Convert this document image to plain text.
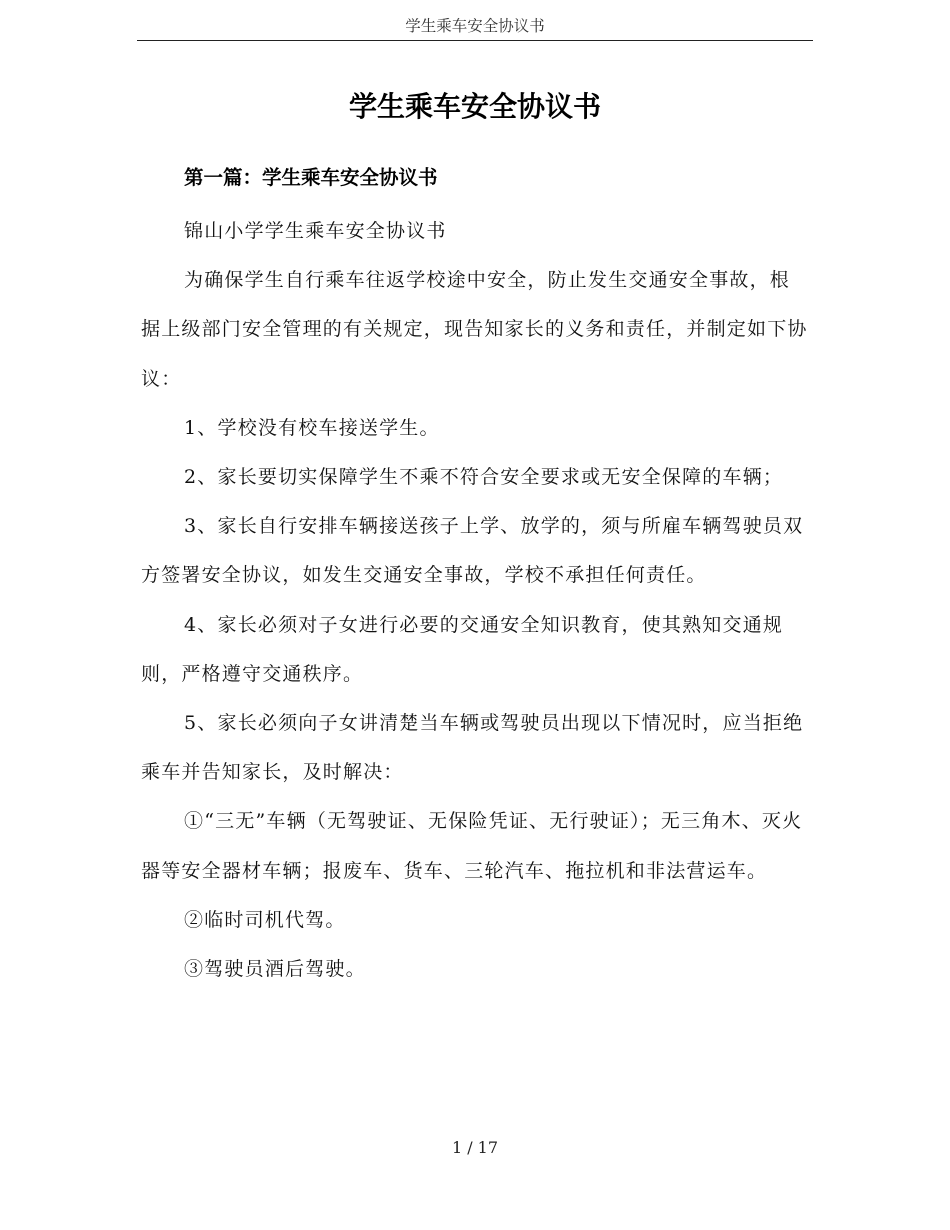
学生乘车安全协议书
学生乘车安全协议书
第一篇：学生乘车安全协议书

锦山小学学生乘车安全协议书

为确保学生自行乘车往返学校途中安全，防止发生交通安全事故，根据上级部门安全管理的有关规定，现告知家长的义务和责任，并制定如下协议：

1、学校没有校车接送学生。

2、家长要切实保障学生不乘不符合安全要求或无安全保障的车辆；

3、家长自行安排车辆接送孩子上学、放学的，须与所雇车辆驾驶员双方签署安全协议，如发生交通安全事故，学校不承担任何责任。

4、家长必须对子女进行必要的交通安全知识教育，使其熟知交通规则，严格遵守交通秩序。

5、家长必须向子女讲清楚当车辆或驾驶员出现以下情况时，应当拒绝乘车并告知家长，及时解决：

①“三无”车辆（无驾驶证、无保险凭证、无行驶证）；无三角木、灭火器等安全器材车辆；报废车、货车、三轮汽车、拖拉机和非法营运车。

②临时司机代驾。

③驾驶员酒后驾驶。

1 / 17
